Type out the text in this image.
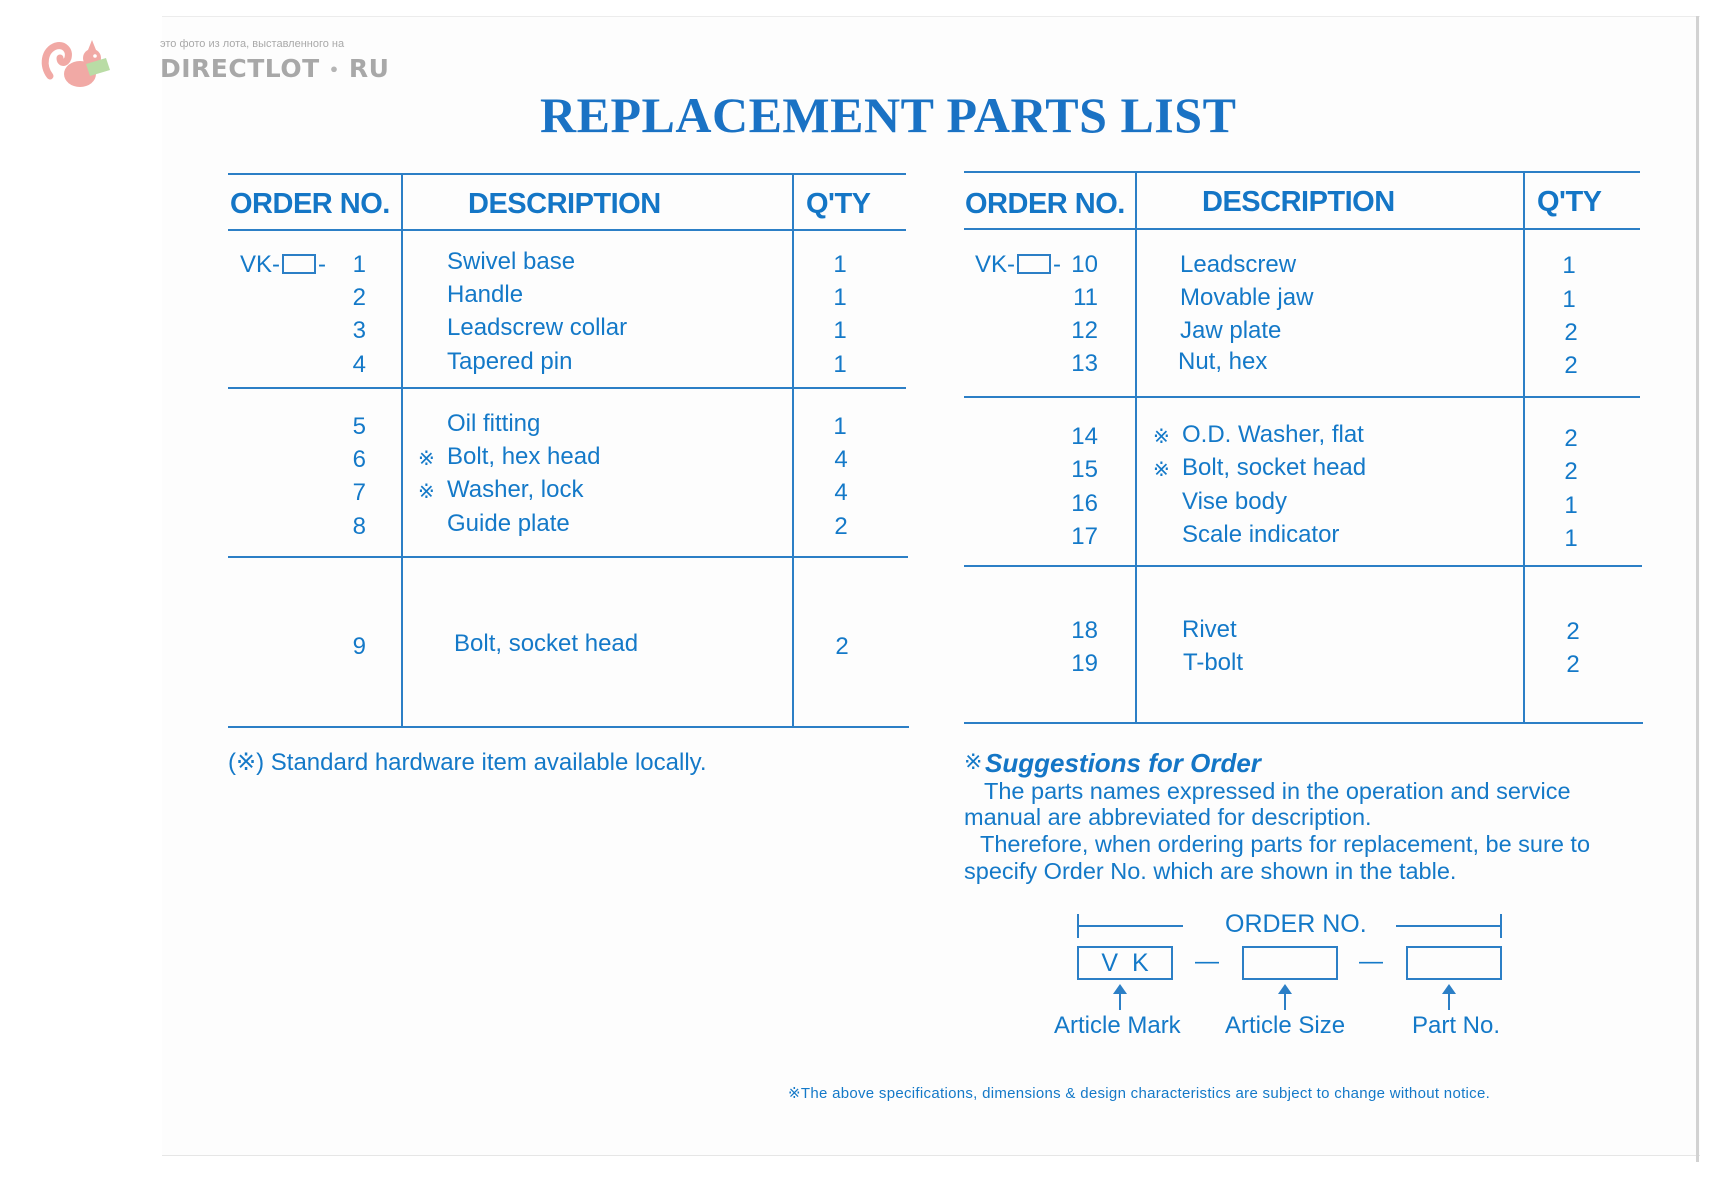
это фото из лота, выставленного на
DIRECTLOT • RU
REPLACEMENT PARTS LIST
ORDER NO.	DESCRIPTION	Q'TY
VK- -	1	Swivel base	1
2	Handle	1
3	Leadscrew collar	1
4	Tapered pin	1
5	Oil fitting	1
6	※ Bolt, hex head	4
7	※ Washer, lock	4
8	Guide plate	2
9	Bolt, socket head	2
ORDER NO.	DESCRIPTION	Q'TY
VK- - 10	Leadscrew	1
11	Movable jaw	1
12	Jaw plate	2
13	Nut, hex	2
14	※ O.D. Washer, flat	2
15	※ Bolt, socket head	2
16	Vise body	1
17	Scale indicator	1
18	Rivet	2
19	T-bolt	2
(※) Standard hardware item available locally.	※ Suggestions for Order
The parts names expressed in the operation and service
manual are abbreviated for description.
Therefore, when ordering parts for replacement, be sure to
specify Order No. which are shown in the table.
ORDER NO.
VK	—	—
Article Mark Article Size	Part No.
※The above specifications, dimensions & design characteristics are subject to change without notice.
